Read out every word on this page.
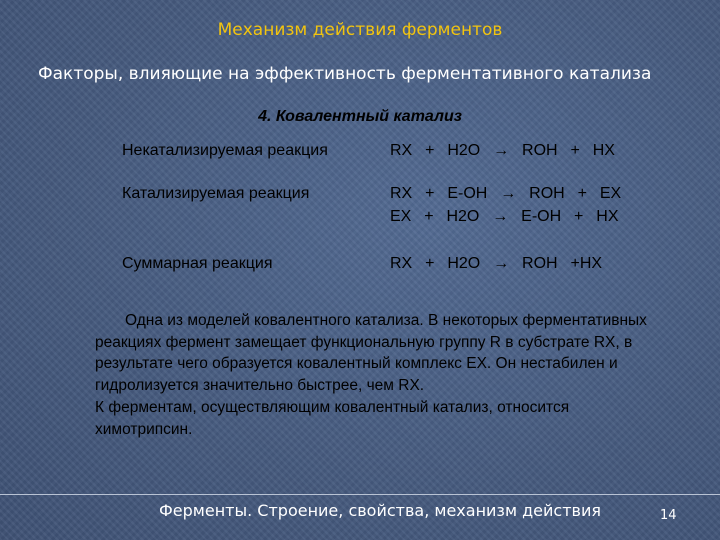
Механизм действия ферментов
Факторы, влияющие на эффективность ферментативного катализа
4. Ковалентный катализ
Некатализируемая реакция	RX  +  H2O  →  ROH  +  HX
Катализируемая реакция	RX  +  E-OH  →  ROH  +  EX
EX  +  H2O  →  E-OH  +  HX
Суммарная реакция	RX  +  H2O  →  ROH  +HX

Одна из моделей ковалентного катализа. В некоторых ферментативных реакциях фермент замещает функциональную группу R в субстрате RX, в результате чего образуется ковалентный комплекс ЕХ. Он нестабилен и гидролизуется значительно быстрее, чем RX.

К ферментам, осуществляющим ковалентный катализ, относится химотрипсин.

Ферменты. Строение, свойства, механизм действия	14
